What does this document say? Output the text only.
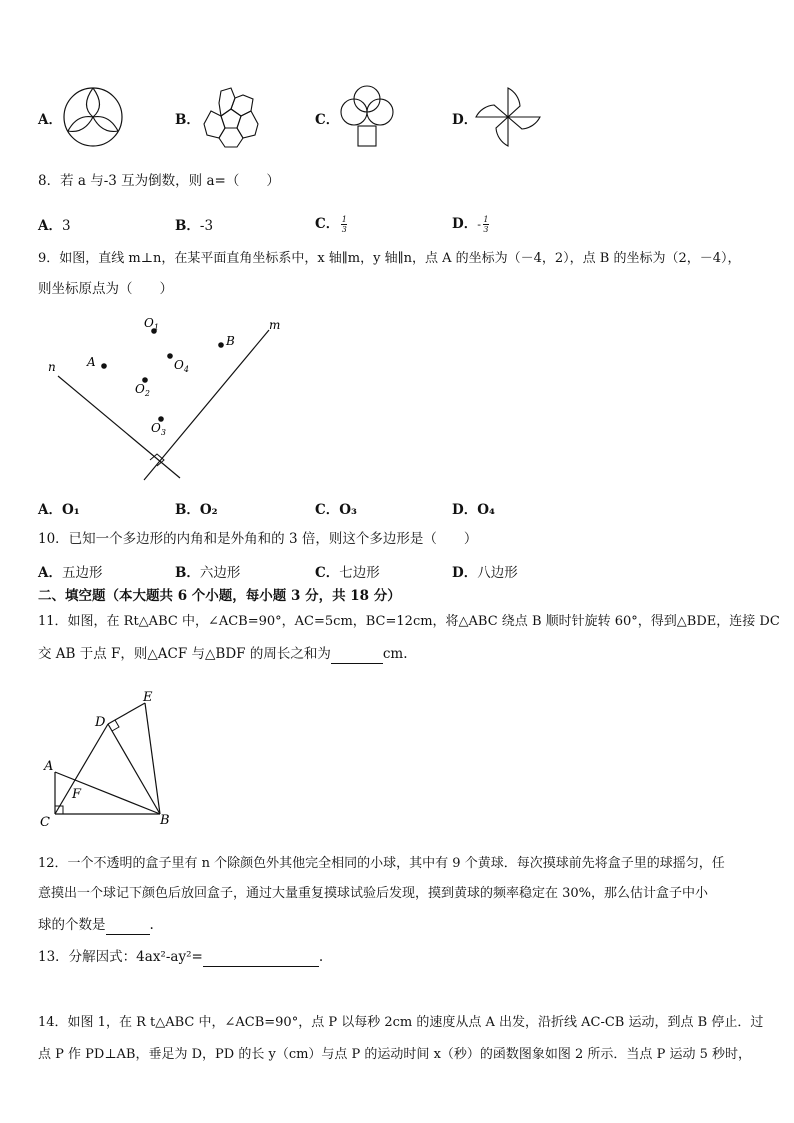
A．	B．	C．	D．
8．若 a 与-3 互为倒数，则 a=（　　）
A．3	B．-3	C． $\frac{1}{3}$	D．- $\frac{1}{3}$
9．如图，直线 m⊥n，在某平面直角坐标系中，x 轴∥m，y 轴∥n，点 A 的坐标为（－4，2），点 B 的坐标为（2，－4），
则坐标原点为（　　）
m
n	A
B
$O_1$
$O_4$
$O_2$
$O_3$
A．O₁	B．O₂	C．O₃	D．O₄
10．已知一个多边形的内角和是外角和的 3 倍，则这个多边形是（　　）
A．五边形	B．六边形	C．七边形	D．八边形
二、填空题（本大题共 6 个小题，每小题 3 分，共 18 分）
11．如图，在 Rt△ABC 中，∠ACB=90°，AC=5cm，BC=12cm，将△ABC 绕点 B 顺时针旋转 60°，得到△BDE，连接 DC
交 AB 于点 F，则△ACF 与△BDF 的周长之和为	cm.
E
D
A
F
C	B
12．一个不透明的盒子里有 n 个除颜色外其他完全相同的小球，其中有 9 个黄球．每次摸球前先将盒子里的球摇匀，任
意摸出一个球记下颜色后放回盒子，通过大量重复摸球试验后发现，摸到黄球的频率稳定在 30%，那么估计盒子中小
球的个数是	.
13．分解因式：4ax²-ay²=	.
14．如图 1，在 R t△ABC 中，∠ACB=90°，点 P 以每秒 2cm 的速度从点 A 出发，沿折线 AC-CB 运动，到点 B 停止．过
点 P 作 PD⊥AB，垂足为 D，PD 的长 y（cm）与点 P 的运动时间 x（秒）的函数图象如图 2 所示．当点 P 运动 5 秒时，
